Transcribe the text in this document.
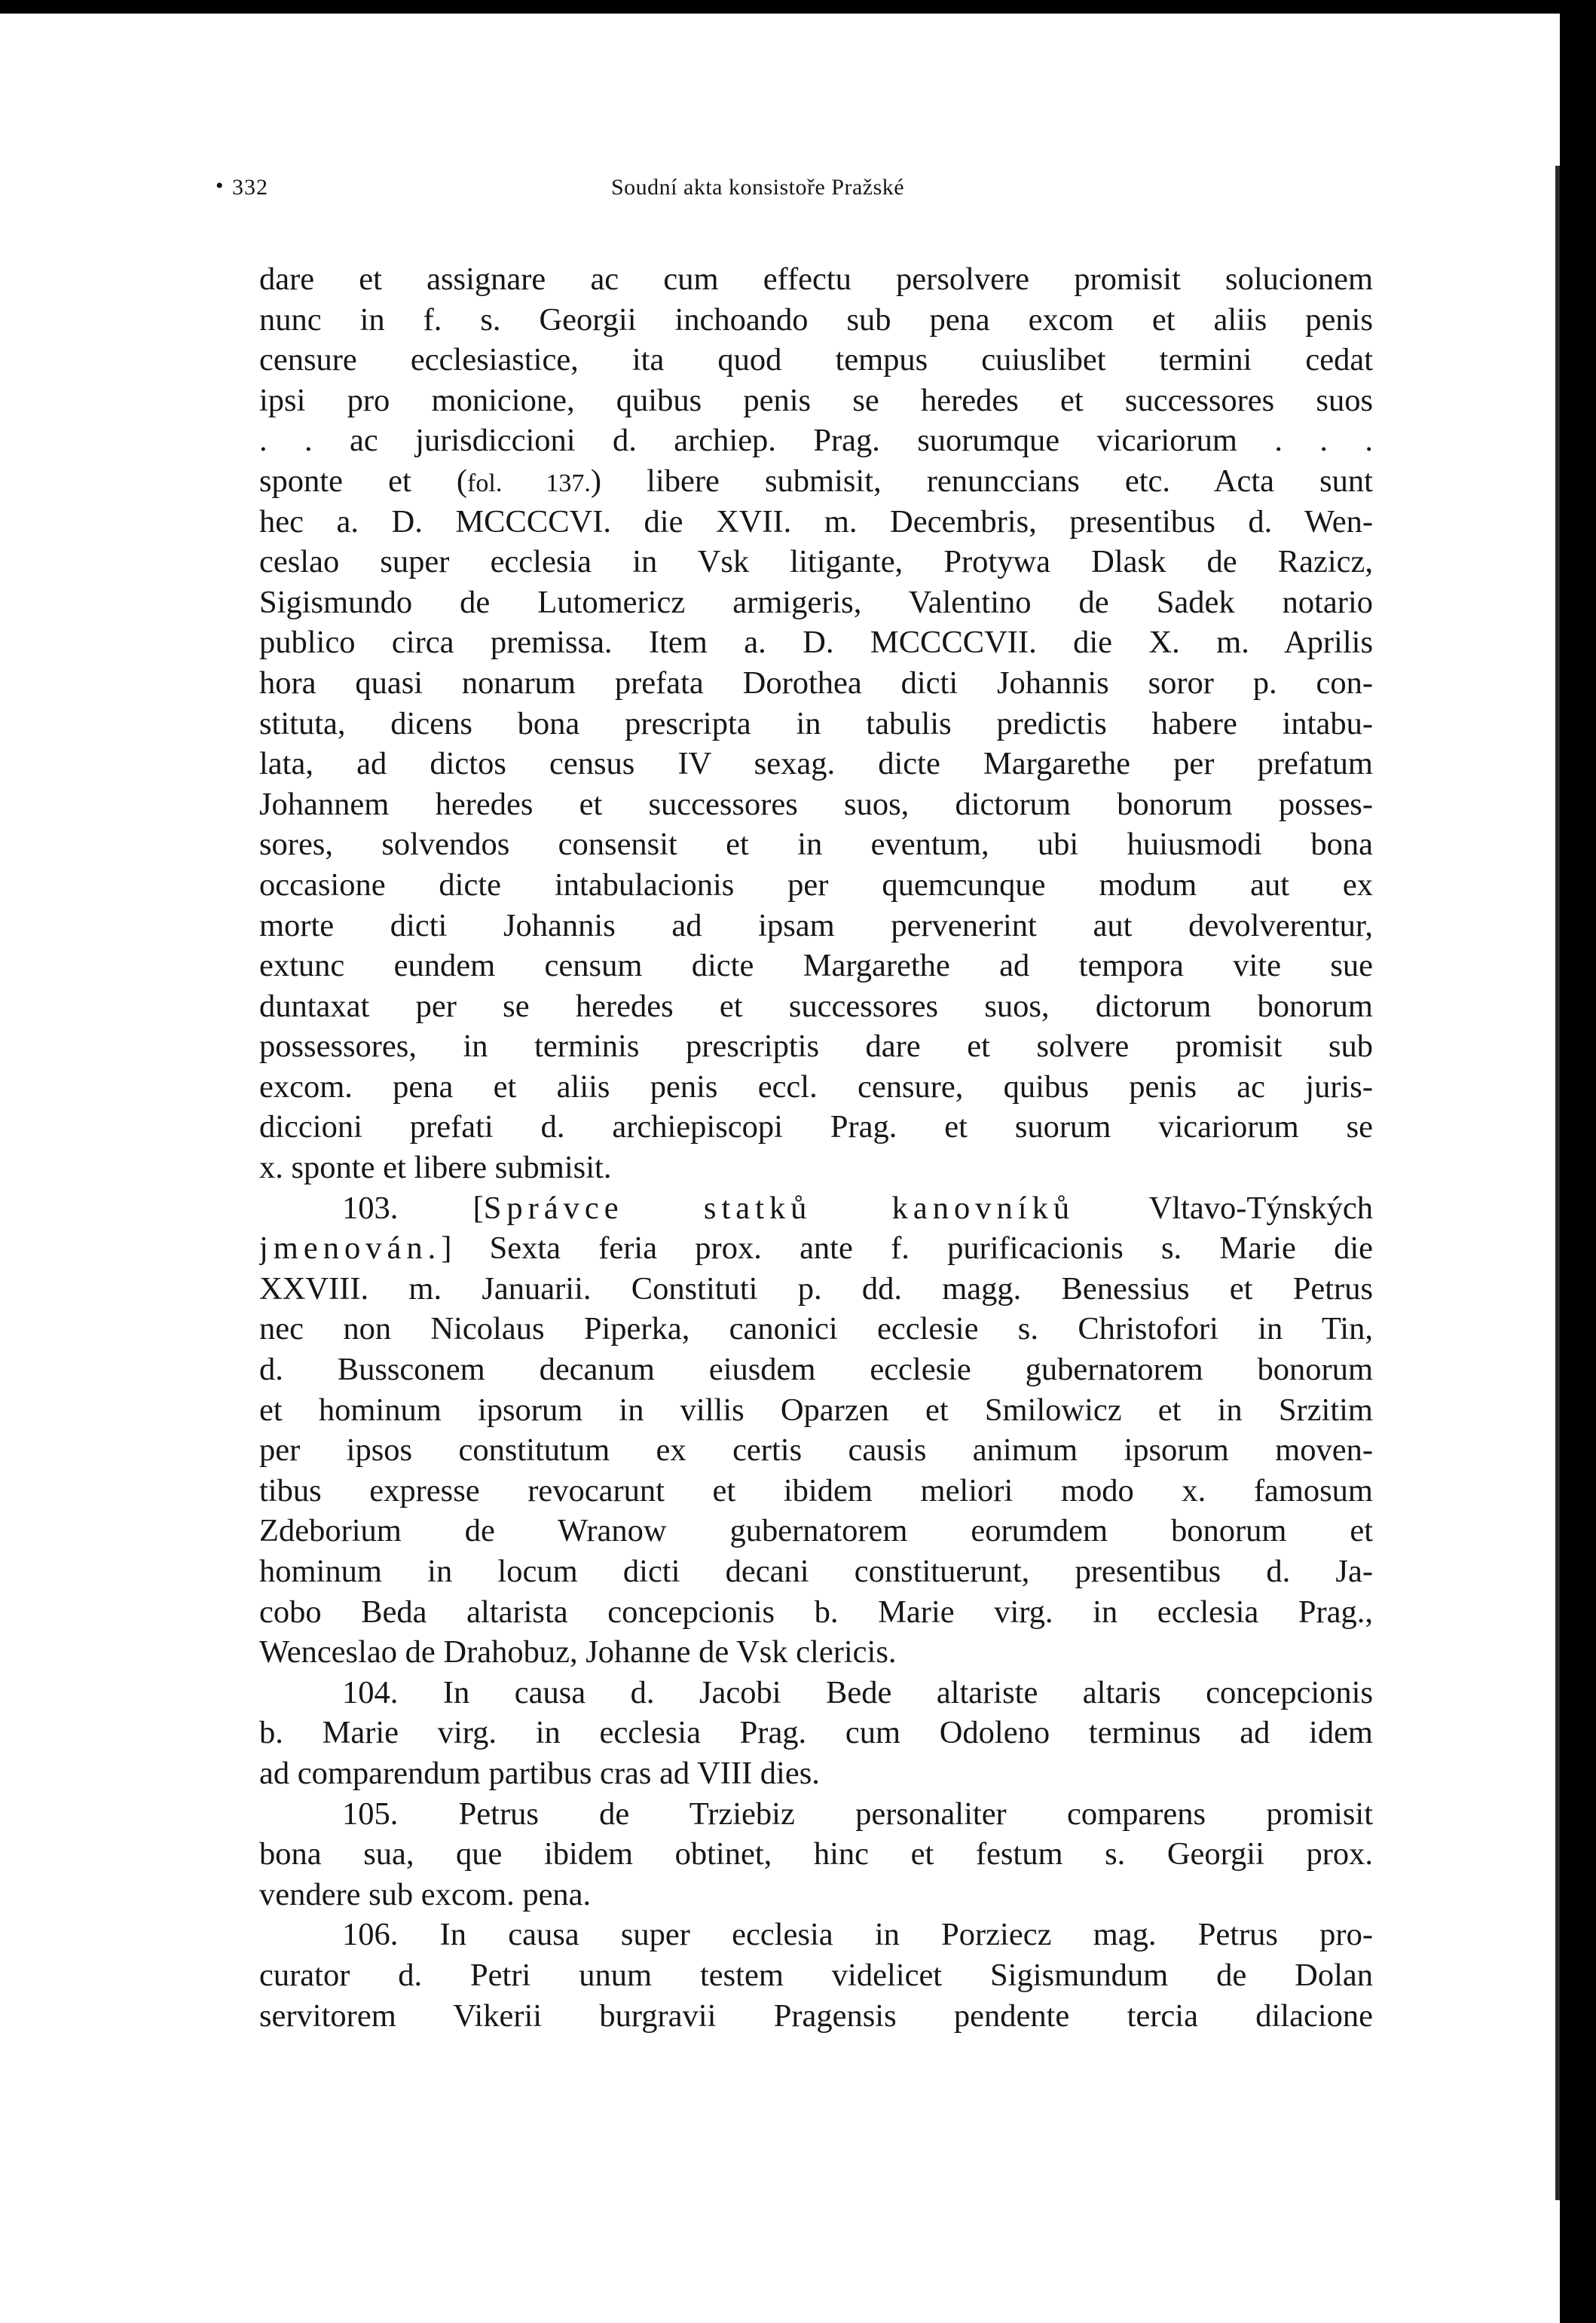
• 332	Soudní akta konsistoře Pražské
dare et assignare ac cum effectu persolvere promisit solucionem
nunc in f. s. Georgii inchoando sub pena excom et aliis penis
censure ecclesiastice, ita quod tempus cuiuslibet termini cedat
ipsi pro monicione, quibus penis se heredes et successores suos
. . ac jurisdiccioni d. archiep. Prag. suorumque vicariorum . . .
sponte et (fol. 137.) libere submisit, renunccians etc. Acta sunt
hec a. D. MCCCCVI. die XVII. m. Decembris, presentibus d. Wen-
ceslao super ecclesia in Vsk litigante, Protywa Dlask de Razicz,
Sigismundo de Lutomericz armigeris, Valentino de Sadek notario
publico circa premissa. Item a. D. MCCCCVII. die X. m. Aprilis
hora quasi nonarum prefata Dorothea dicti Johannis soror p. con-
stituta, dicens bona prescripta in tabulis predictis habere intabu-
lata, ad dictos census IV sexag. dicte Margarethe per prefatum
Johannem heredes et successores suos, dictorum bonorum posses-
sores, solvendos consensit et in eventum, ubi huiusmodi bona
occasione dicte intabulacionis per quemcunque modum aut ex
morte dicti Johannis ad ipsam pervenerint aut devolverentur,
extunc eundem censum dicte Margarethe ad tempora vite sue
duntaxat per se heredes et successores suos, dictorum bonorum
possessores, in terminis prescriptis dare et solvere promisit sub
excom. pena et aliis penis eccl. censure, quibus penis ac juris-
diccioni prefati d. archiepiscopi Prag. et suorum vicariorum se
x. sponte et libere submisit.
103. [Správce statků kanovníků Vltavo-Týnských
jmenován.] Sexta feria prox. ante f. purificacionis s. Marie die
XXVIII. m. Januarii. Constituti p. dd. magg. Benessius et Petrus
nec non Nicolaus Piperka, canonici ecclesie s. Christofori in Tin,
d. Bussconem decanum eiusdem ecclesie gubernatorem bonorum
et hominum ipsorum in villis Oparzen et Smilowicz et in Srzitim
per ipsos constitutum ex certis causis animum ipsorum moven-
tibus expresse revocarunt et ibidem meliori modo x. famosum
Zdeborium de Wranow gubernatorem eorumdem bonorum et
hominum in locum dicti decani constituerunt, presentibus d. Ja-
cobo Beda altarista concepcionis b. Marie virg. in ecclesia Prag.,
Wenceslao de Drahobuz, Johanne de Vsk clericis.
104. In causa d. Jacobi Bede altariste altaris concepcionis
b. Marie virg. in ecclesia Prag. cum Odoleno terminus ad idem
ad comparendum partibus cras ad VIII dies.
105. Petrus de Trziebiz personaliter comparens promisit
bona sua, que ibidem obtinet, hinc et festum s. Georgii prox.
vendere sub excom. pena.
106. In causa super ecclesia in Porziecz mag. Petrus pro-
curator d. Petri unum testem videlicet Sigismundum de Dolan
servitorem Vikerii burgravii Pragensis pendente tercia dilacione
